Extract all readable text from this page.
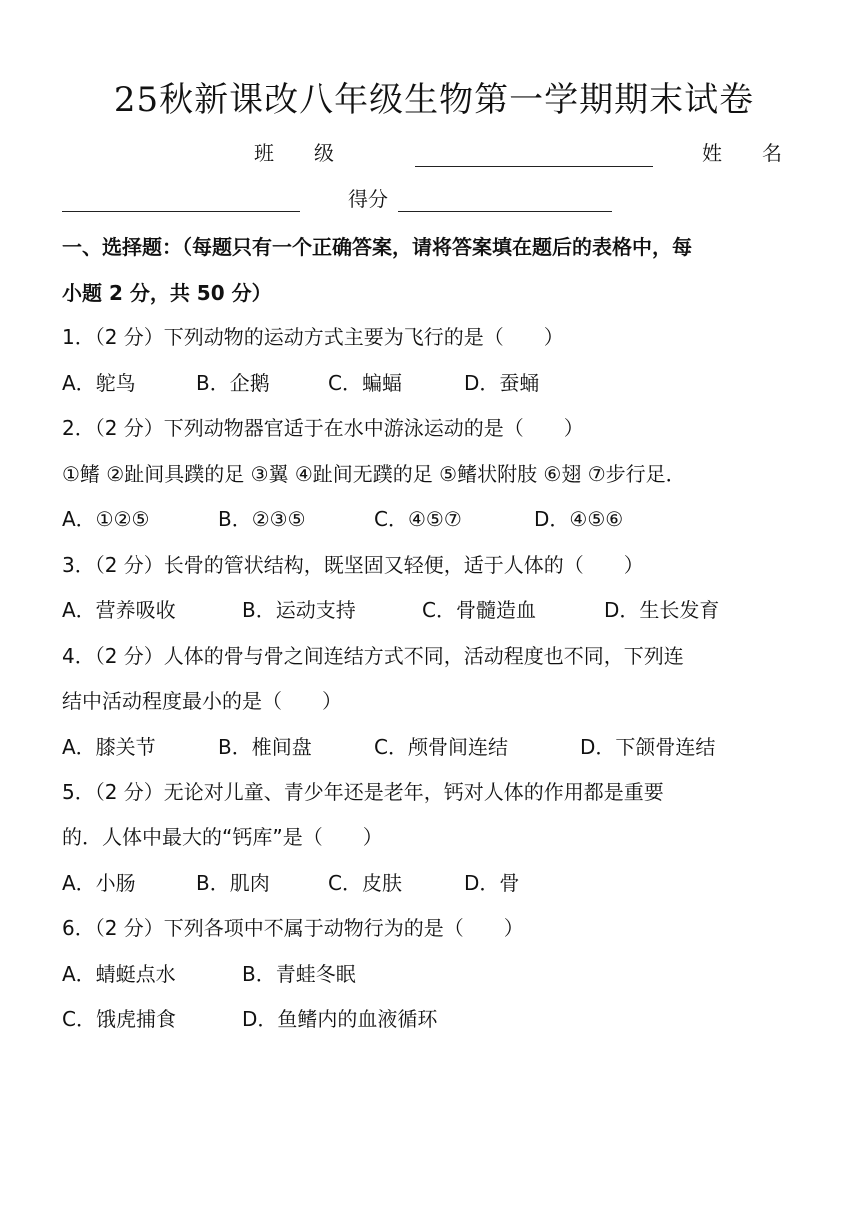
25秋新课改八年级生物第一学期期末试卷
班　　级	姓　　名
得分
一、选择题：（每题只有一个正确答案，请将答案填在题后的表格中，每
小题 2 分，共 50 分）
1．（2 分）下列动物的运动方式主要为飞行的是（　　）
A．鸵鸟	B．企鹅	C．蝙蝠	D．蚕蛹
2．（2 分）下列动物器官适于在水中游泳运动的是（　　）
①鳍 ②趾间具蹼的足 ③翼 ④趾间无蹼的足 ⑤鳍状附肢 ⑥翅 ⑦步行足．
A．①②⑤	B．②③⑤	C．④⑤⑦	D．④⑤⑥
3．（2 分）长骨的管状结构，既坚固又轻便，适于人体的（　　）
A．营养吸收	B．运动支持	C．骨髓造血	D．生长发育
4．（2 分）人体的骨与骨之间连结方式不同，活动程度也不同，下列连
结中活动程度最小的是（　　）
A．膝关节	B．椎间盘	C．颅骨间连结	D．下颌骨连结
5．（2 分）无论对儿童、青少年还是老年，钙对人体的作用都是重要
的．人体中最大的“钙库”是（　　）
A．小肠	B．肌肉	C．皮肤	D．骨
6．（2 分）下列各项中不属于动物行为的是（　　）
A．蜻蜓点水	B．青蛙冬眠
C．饿虎捕食	D．鱼鳍内的血液循环
